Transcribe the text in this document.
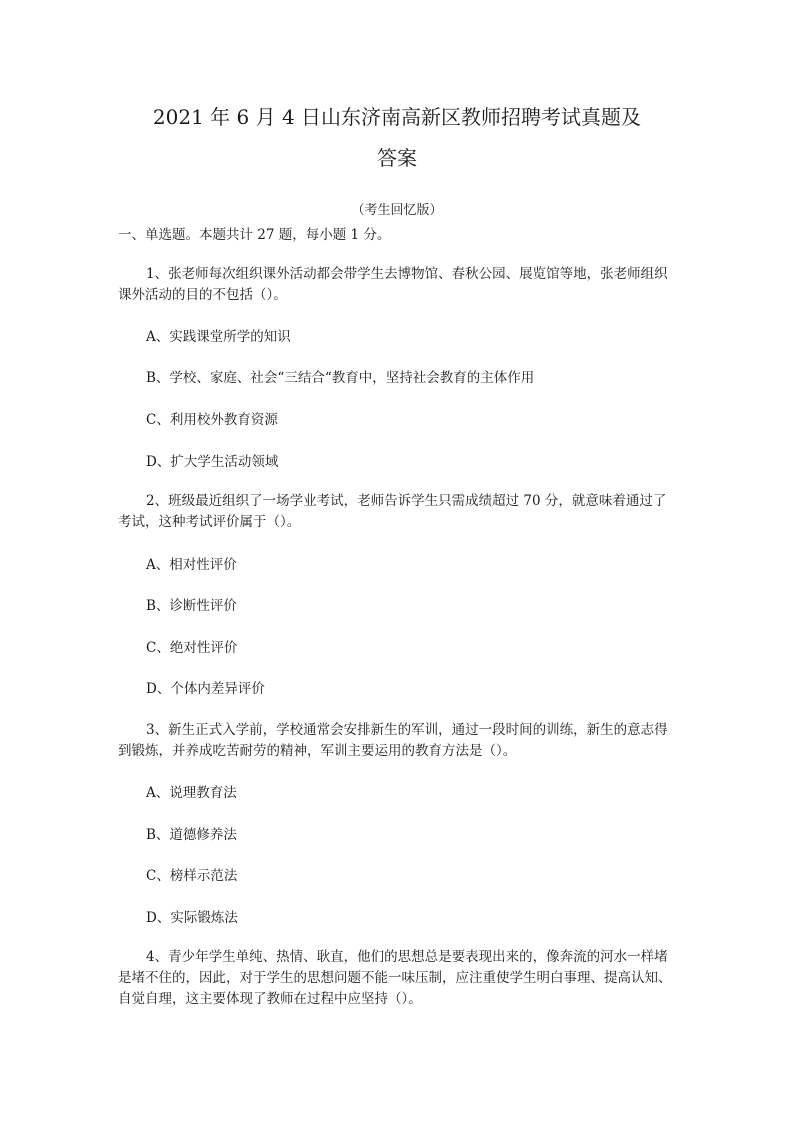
2021 年 6 月 4 日山东济南高新区教师招聘考试真题及
答案
（考生回忆版）
一、单选题。本题共计 27 题，每小题 1 分。
1、张老师每次组织课外活动都会带学生去博物馆、春秋公园、展览馆等地，张老师组织课外活动的目的不包括（）。
A、实践课堂所学的知识
B、学校、家庭、社会“三结合“教育中，坚持社会教育的主体作用
C、利用校外教育资源
D、扩大学生活动领域
2、班级最近组织了一场学业考试，老师告诉学生只需成绩超过 70 分，就意味着通过了考试，这种考试评价属于（）。
A、相对性评价
B、诊断性评价
C、绝对性评价
D、个体内差异评价
3、新生正式入学前，学校通常会安排新生的军训，通过一段时间的训练，新生的意志得到锻炼，并养成吃苦耐劳的精神，军训主要运用的教育方法是（）。
A、说理教育法
B、道德修养法
C、榜样示范法
D、实际锻炼法
4、青少年学生单纯、热情、耿直，他们的思想总是要表现出来的，像奔流的河水一样堵是堵不住的，因此，对于学生的思想问题不能一味压制，应注重使学生明白事理、提高认知、自觉自理，这主要体现了教师在过程中应坚持（）。
